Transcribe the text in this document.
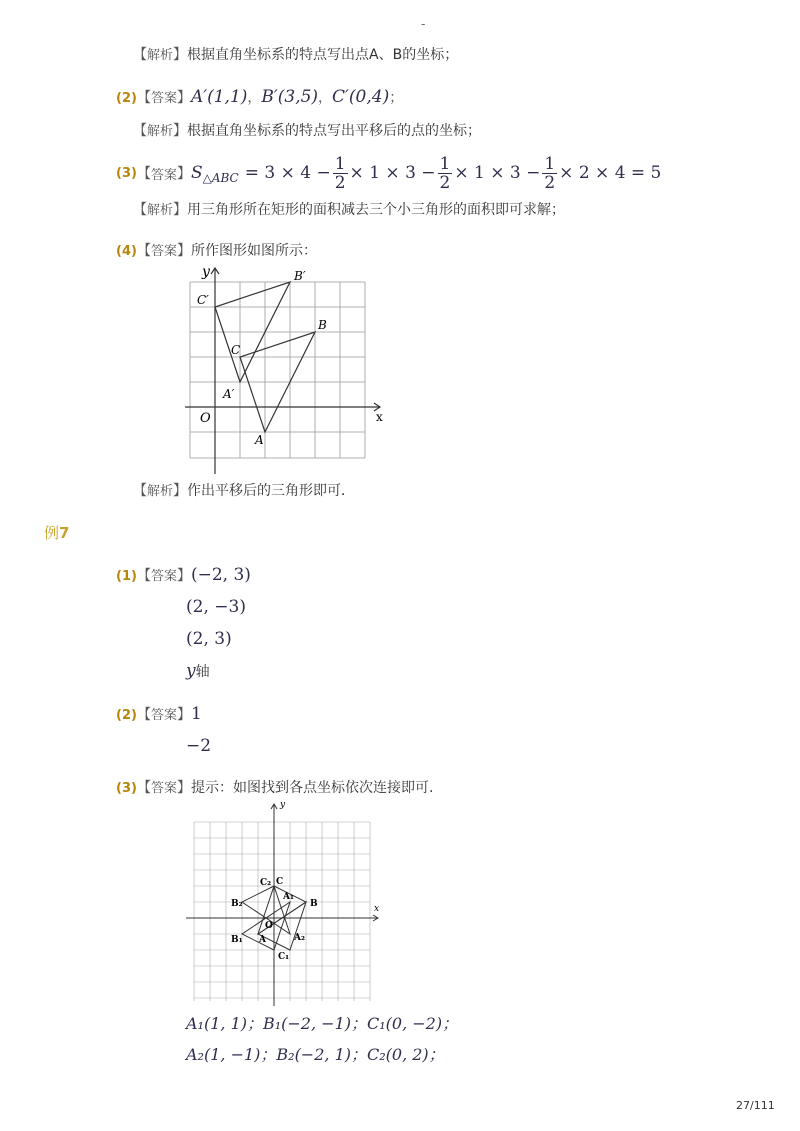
-
【解析】根据直角坐标系的特点写出点A、B的坐标；
(2)【答案】A′(1,1)，B′(3,5)，C′(0,4)；
【解析】根据直角坐标系的特点写出平移后的点的坐标；
(3) 【 答案 】 S △ABC = $3 \times 4 - \frac{1}{2} \times 1 \times 3 - \frac{1}{2} \times 1 \times 3 - \frac{1}{2} \times 2 \times 4 = 5$
【解析】用三角形所在矩形的面积减去三个小三角形的面积即可求解；
(4)【答案】所作图形如图所示：
y
x
O
A
B
C
A′
B′
C′
【解析】作出平移后的三角形即可．
例7
(1)【答案】(−2, 3)
(2, −3)
(2, 3)
y轴
(2)【答案】1
−2
(3)【答案】提示：如图找到各点坐标依次连接即可.
y
x
C₂ C
A₁
B
B₂
O
A	A₂
B₁
C₁
A₁(1, 1)；B₁(−2, −1)；C₁(0, −2)；
A₂(1, −1)；B₂(−2, 1)；C₂(0, 2)；
27/111
